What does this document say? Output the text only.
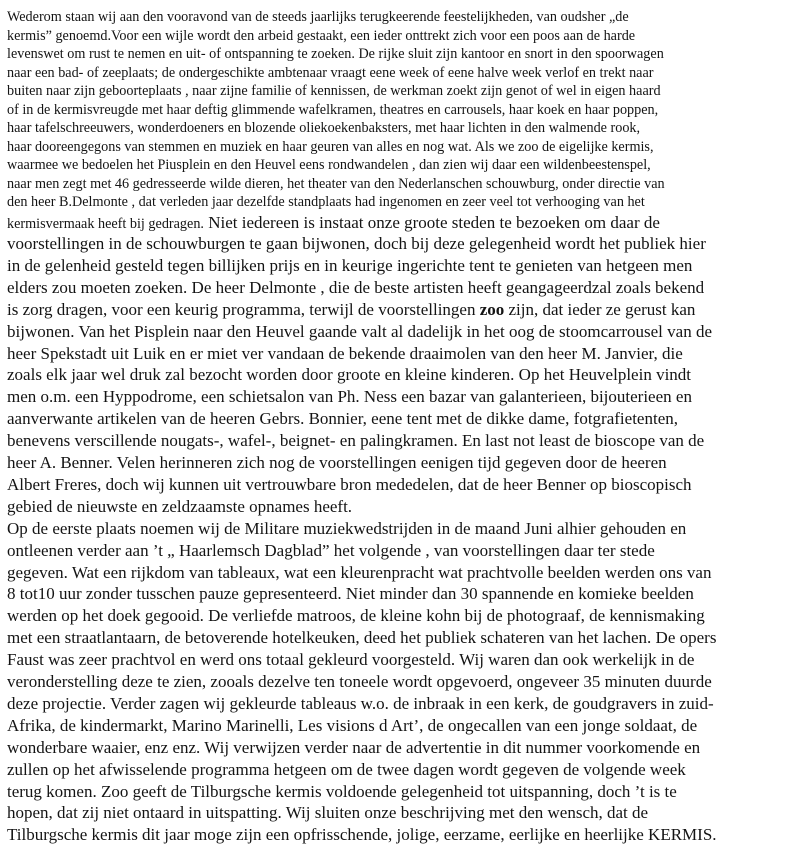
Wederom staan wij aan den vooravond van de steeds jaarlijks terugkeerende feestelijkheden, van oudsher „de

kermis” genoemd.Voor een wijle wordt den arbeid gestaakt, een ieder onttrekt zich voor een poos aan de harde

levenswet om rust te nemen en uit- of ontspanning te zoeken. De rijke sluit zijn kantoor en snort in den spoorwagen

naar een bad- of zeeplaats; de ondergeschikte ambtenaar vraagt eene week of eene halve week verlof en trekt naar

buiten naar zijn geboorteplaats , naar zijne familie of kennissen, de werkman zoekt zijn genot of wel in eigen haard

of in de kermisvreugde met haar deftig glimmende wafelkramen, theatres en carrousels, haar koek en haar poppen,

haar tafelschreeuwers, wonderdoeners en blozende oliekoekenbaksters, met haar lichten in den walmende rook,

haar dooreengegons van stemmen en muziek en haar geuren van alles en nog wat. Als we zoo de eigelijke kermis,

waarmee we bedoelen het Piusplein en den Heuvel eens rondwandelen , dan zien wij daar een wildenbeestenspel,

naar men zegt met 46 gedresseerde wilde dieren, het theater van den Nederlanschen schouwburg, onder directie van

den heer B.Delmonte , dat verleden jaar dezelfde standplaats had ingenomen en zeer veel tot verhooging van het

kermisvermaak heeft bij gedragen. Niet iedereen is instaat onze groote steden te bezoeken om daar de

voorstellingen in de schouwburgen te gaan bijwonen, doch bij deze gelegenheid wordt het publiek hier

in de gelenheid gesteld tegen billijken prijs en in keurige ingerichte tent te genieten van hetgeen men

elders zou moeten zoeken. De heer Delmonte , die de beste artisten heeft geangageerdzal zoals bekend

is zorg dragen, voor een keurig programma, terwijl de voorstellingen zoo zijn, dat ieder ze gerust kan

bijwonen. Van het Pisplein naar den Heuvel gaande valt al dadelijk in het oog de stoomcarrousel van de

heer Spekstadt uit Luik en er miet ver vandaan de bekende draaimolen van den heer M. Janvier, die

zoals elk jaar wel druk zal bezocht worden door groote en kleine kinderen. Op het Heuvelplein vindt

men o.m. een Hyppodrome, een schietsalon van Ph. Ness een bazar van galanterieen, bijouterieen en

aanverwante artikelen van de heeren Gebrs. Bonnier, eene tent met de dikke dame, fotgrafietenten,

benevens verscillende nougats-, wafel-, beignet- en palingkramen. En last not least de bioscope van de

heer A. Benner. Velen herinneren zich nog de voorstellingen eenigen tijd gegeven door de heeren

Albert Freres, doch wij kunnen uit vertrouwbare bron mededelen, dat de heer Benner op bioscopisch

gebied de nieuwste en zeldzaamste opnames heeft.

Op de eerste plaats noemen wij de Militare muziekwedstrijden in de maand Juni alhier gehouden en

ontleenen verder aan ’t „ Haarlemsch Dagblad” het volgende , van voorstellingen daar ter stede

gegeven. Wat een rijkdom van tableaux, wat een kleurenpracht wat prachtvolle beelden werden ons van

8 tot10 uur zonder tusschen pauze gepresenteerd. Niet minder dan 30 spannende en komieke beelden

werden op het doek gegooid. De verliefde matroos, de kleine kohn bij de photograaf, de kennismaking

met een straatlantaarn, de betoverende hotelkeuken, deed het publiek schateren van het lachen. De opers

Faust was zeer prachtvol en werd ons totaal gekleurd voorgesteld. Wij waren dan ook werkelijk in de

veronderstelling deze te zien, zooals dezelve ten toneele wordt opgevoerd, ongeveer 35 minuten duurde

deze projectie. Verder zagen wij gekleurde tableaus w.o. de inbraak in een kerk, de goudgravers in zuid-

Afrika, de kindermarkt, Marino Marinelli, Les visions d Art’, de ongecallen van een jonge soldaat, de

wonderbare waaier, enz enz. Wij verwijzen verder naar de advertentie in dit nummer voorkomende en

zullen op het afwisselende programma hetgeen om de twee dagen wordt gegeven de volgende week

terug komen. Zoo geeft de Tilburgsche kermis voldoende gelegenheid tot uitspanning, doch ’t is te

hopen, dat zij niet ontaard in uitspatting. Wij sluiten onze beschrijving met den wensch, dat de

Tilburgsche kermis dit jaar moge zijn een opfrisschende, jolige, eerzame, eerlijke en heerlijke KERMIS.
